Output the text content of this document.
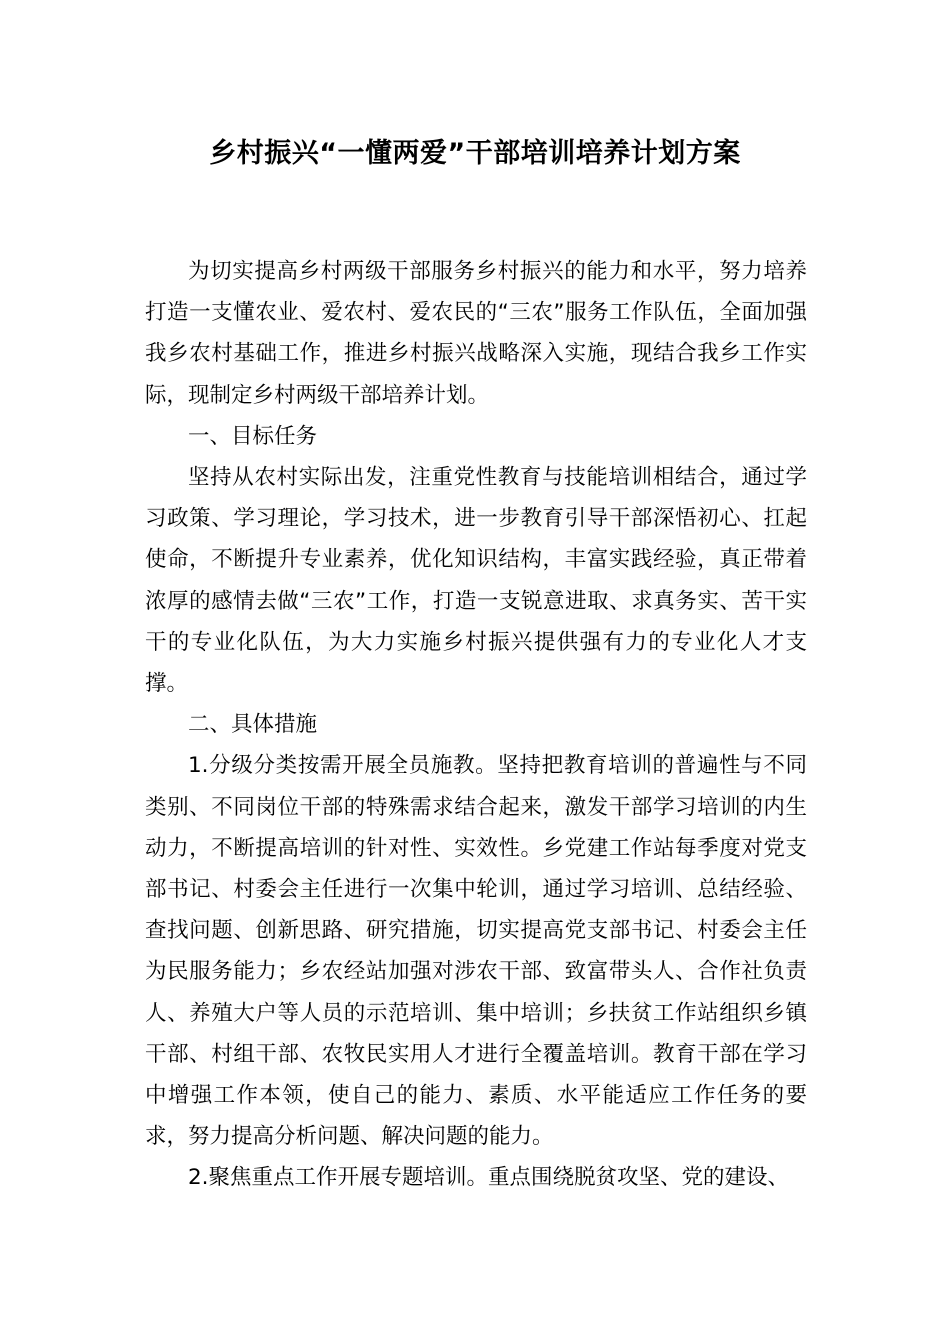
乡村振兴“一懂两爱”干部培训培养计划方案

为切实提高乡村两级干部服务乡村振兴的能力和水平，努力培养打造一支懂农业、爱农村、爱农民的“三农”服务工作队伍，全面加强我乡农村基础工作，推进乡村振兴战略深入实施，现结合我乡工作实际，现制定乡村两级干部培养计划。

一、目标任务

坚持从农村实际出发，注重党性教育与技能培训相结合，通过学习政策、学习理论，学习技术，进一步教育引导干部深悟初心、扛起使命，不断提升专业素养，优化知识结构，丰富实践经验，真正带着浓厚的感情去做“三农”工作，打造一支锐意进取、求真务实、苦干实干的专业化队伍，为大力实施乡村振兴提供强有力的专业化人才支撑。

二、具体措施

1.分级分类按需开展全员施教。坚持把教育培训的普遍性与不同类别、不同岗位干部的特殊需求结合起来，激发干部学习培训的内生动力，不断提高培训的针对性、实效性。乡党建工作站每季度对党支部书记、村委会主任进行一次集中轮训，通过学习培训、总结经验、查找问题、创新思路、研究措施，切实提高党支部书记、村委会主任为民服务能力；乡农经站加强对涉农干部、致富带头人、合作社负责人、养殖大户等人员的示范培训、集中培训；乡扶贫工作站组织乡镇干部、村组干部、农牧民实用人才进行全覆盖培训。教育干部在学习中增强工作本领，使自己的能力、素质、水平能适应工作任务的要求，努力提高分析问题、解决问题的能力。

2.聚焦重点工作开展专题培训。重点围绕脱贫攻坚、党的建设、
